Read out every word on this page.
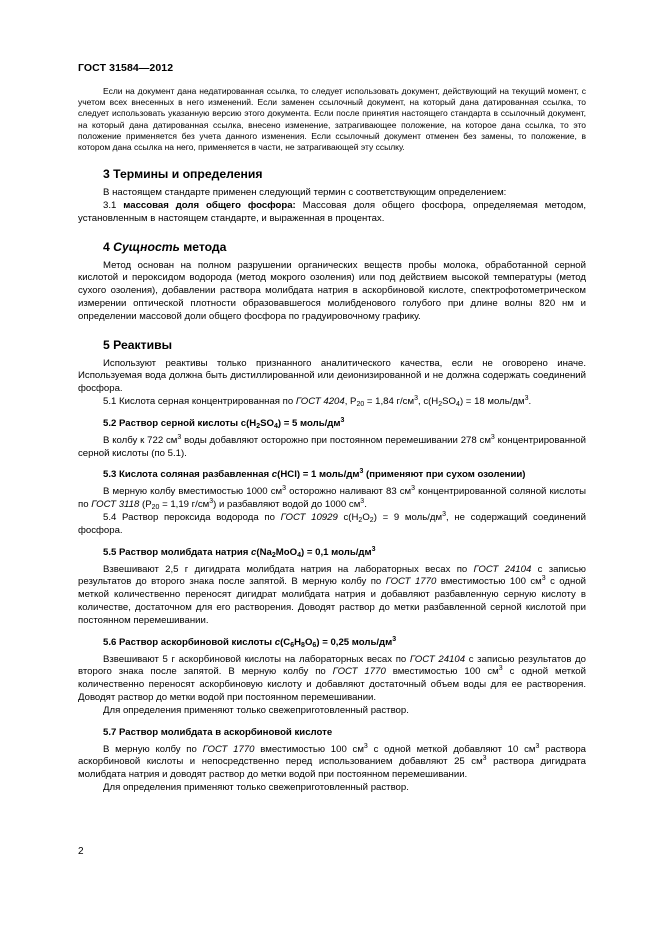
ГОСТ 31584—2012

Если на документ дана недатированная ссылка, то следует использовать документ, действующий на текущий момент, с учетом всех внесенных в него изменений. Если заменен ссылочный документ, на который дана датированная ссылка, то следует использовать указанную версию этого документа. Если после принятия настоящего стандарта в ссылочный документ, на который дана датированная ссылка, внесено изменение, затрагивающее положение, на которое дана ссылка, то это положение применяется без учета данного изменения. Если ссылочный документ отменен без замены, то положение, в котором дана ссылка на него, применяется в части, не затрагивающей эту ссылку.

3 Термины и определения

В настоящем стандарте применен следующий термин с соответствующим определением:

3.1 массовая доля общего фосфора: Массовая доля общего фосфора, определяемая методом, установленным в настоящем стандарте, и выраженная в процентах.

4 Сущность метода

Метод основан на полном разрушении органических веществ пробы молока, обработанной серной кислотой и пероксидом водорода (метод мокрого озоления) или под действием высокой температуры (метод сухого озоления), добавлении раствора молибдата натрия в аскорбиновой кислоте, спектрофотометрическом измерении оптической плотности образовавшегося молибденового голубого при длине волны 820 нм и определении массовой доли общего фосфора по градуировочному графику.

5 Реактивы

Используют реактивы только признанного аналитического качества, если не оговорено иначе. Используемая вода должна быть дистиллированной или деионизированной и не должна содержать соединений фосфора.

5.1 Кислота серная концентрированная по ГОСТ 4204, $Р_{20} = 1,84$ $г/см^3$, $c(H_2SO_4) = 18$ моль/$дм^3$.

5.2 Раствор серной кислоты $с(H_2SO_4) = 5$ моль/$дм^3$

В колбу к 722 $см^3$ воды добавляют осторожно при постоянном перемешивании 278 $см^3$ концентрированной серной кислоты (по 5.1).

5.3 Кислота соляная разбавленная c(HCl) = 1 моль/$дм^3$ (применяют при сухом озолении)

В мерную колбу вместимостью 1000 $см^3$ осторожно наливают 83 $см^3$ концентрированной соляной кислоты по ГОСТ 3118 ($Р_{20} = 1,19$ $г/см^3$) и разбавляют водой до 1000 $см^3$.

5.4 Раствор пероксида водорода по ГОСТ 10929 $c(H_2O_2) = 9$ моль/$дм^3$, не содержащий соединений фосфора.

5.5 Раствор молибдата натрия $c(Na_2MoO_4) = 0,1$ моль/$дм^3$

Взвешивают 2,5 г дигидрата молибдата натрия на лабораторных весах по ГОСТ 24104 с записью результатов до второго знака после запятой. В мерную колбу по ГОСТ 1770 вместимостью 100 $см^3$ с одной меткой количественно переносят дигидрат молибдата натрия и добавляют разбавленную серную кислоту в количестве, достаточном для его растворения. Доводят раствор до метки разбавленной серной кислотой при постоянном перемешивании.

5.6 Раствор аскорбиновой кислоты $c(C_6H_8O_6) = 0,25$ моль/$дм^3$

Взвешивают 5 г аскорбиновой кислоты на лабораторных весах по ГОСТ 24104 с записью результатов до второго знака после запятой. В мерную колбу по ГОСТ 1770 вместимостью 100 $см^3$ с одной меткой количественно переносят аскорбиновую кислоту и добавляют достаточный объем воды для ее растворения. Доводят раствор до метки водой при постоянном перемешивании.

Для определения применяют только свежеприготовленный раствор.

5.7 Раствор молибдата в аскорбиновой кислоте

В мерную колбу по ГОСТ 1770 вместимостью 100 $см^3$ с одной меткой добавляют 10 $см^3$ раствора аскорбиновой кислоты и непосредственно перед использованием добавляют 25 $см^3$ раствора дигидрата молибдата натрия и доводят раствор до метки водой при постоянном перемешивании.

Для определения применяют только свежеприготовленный раствор.

2
